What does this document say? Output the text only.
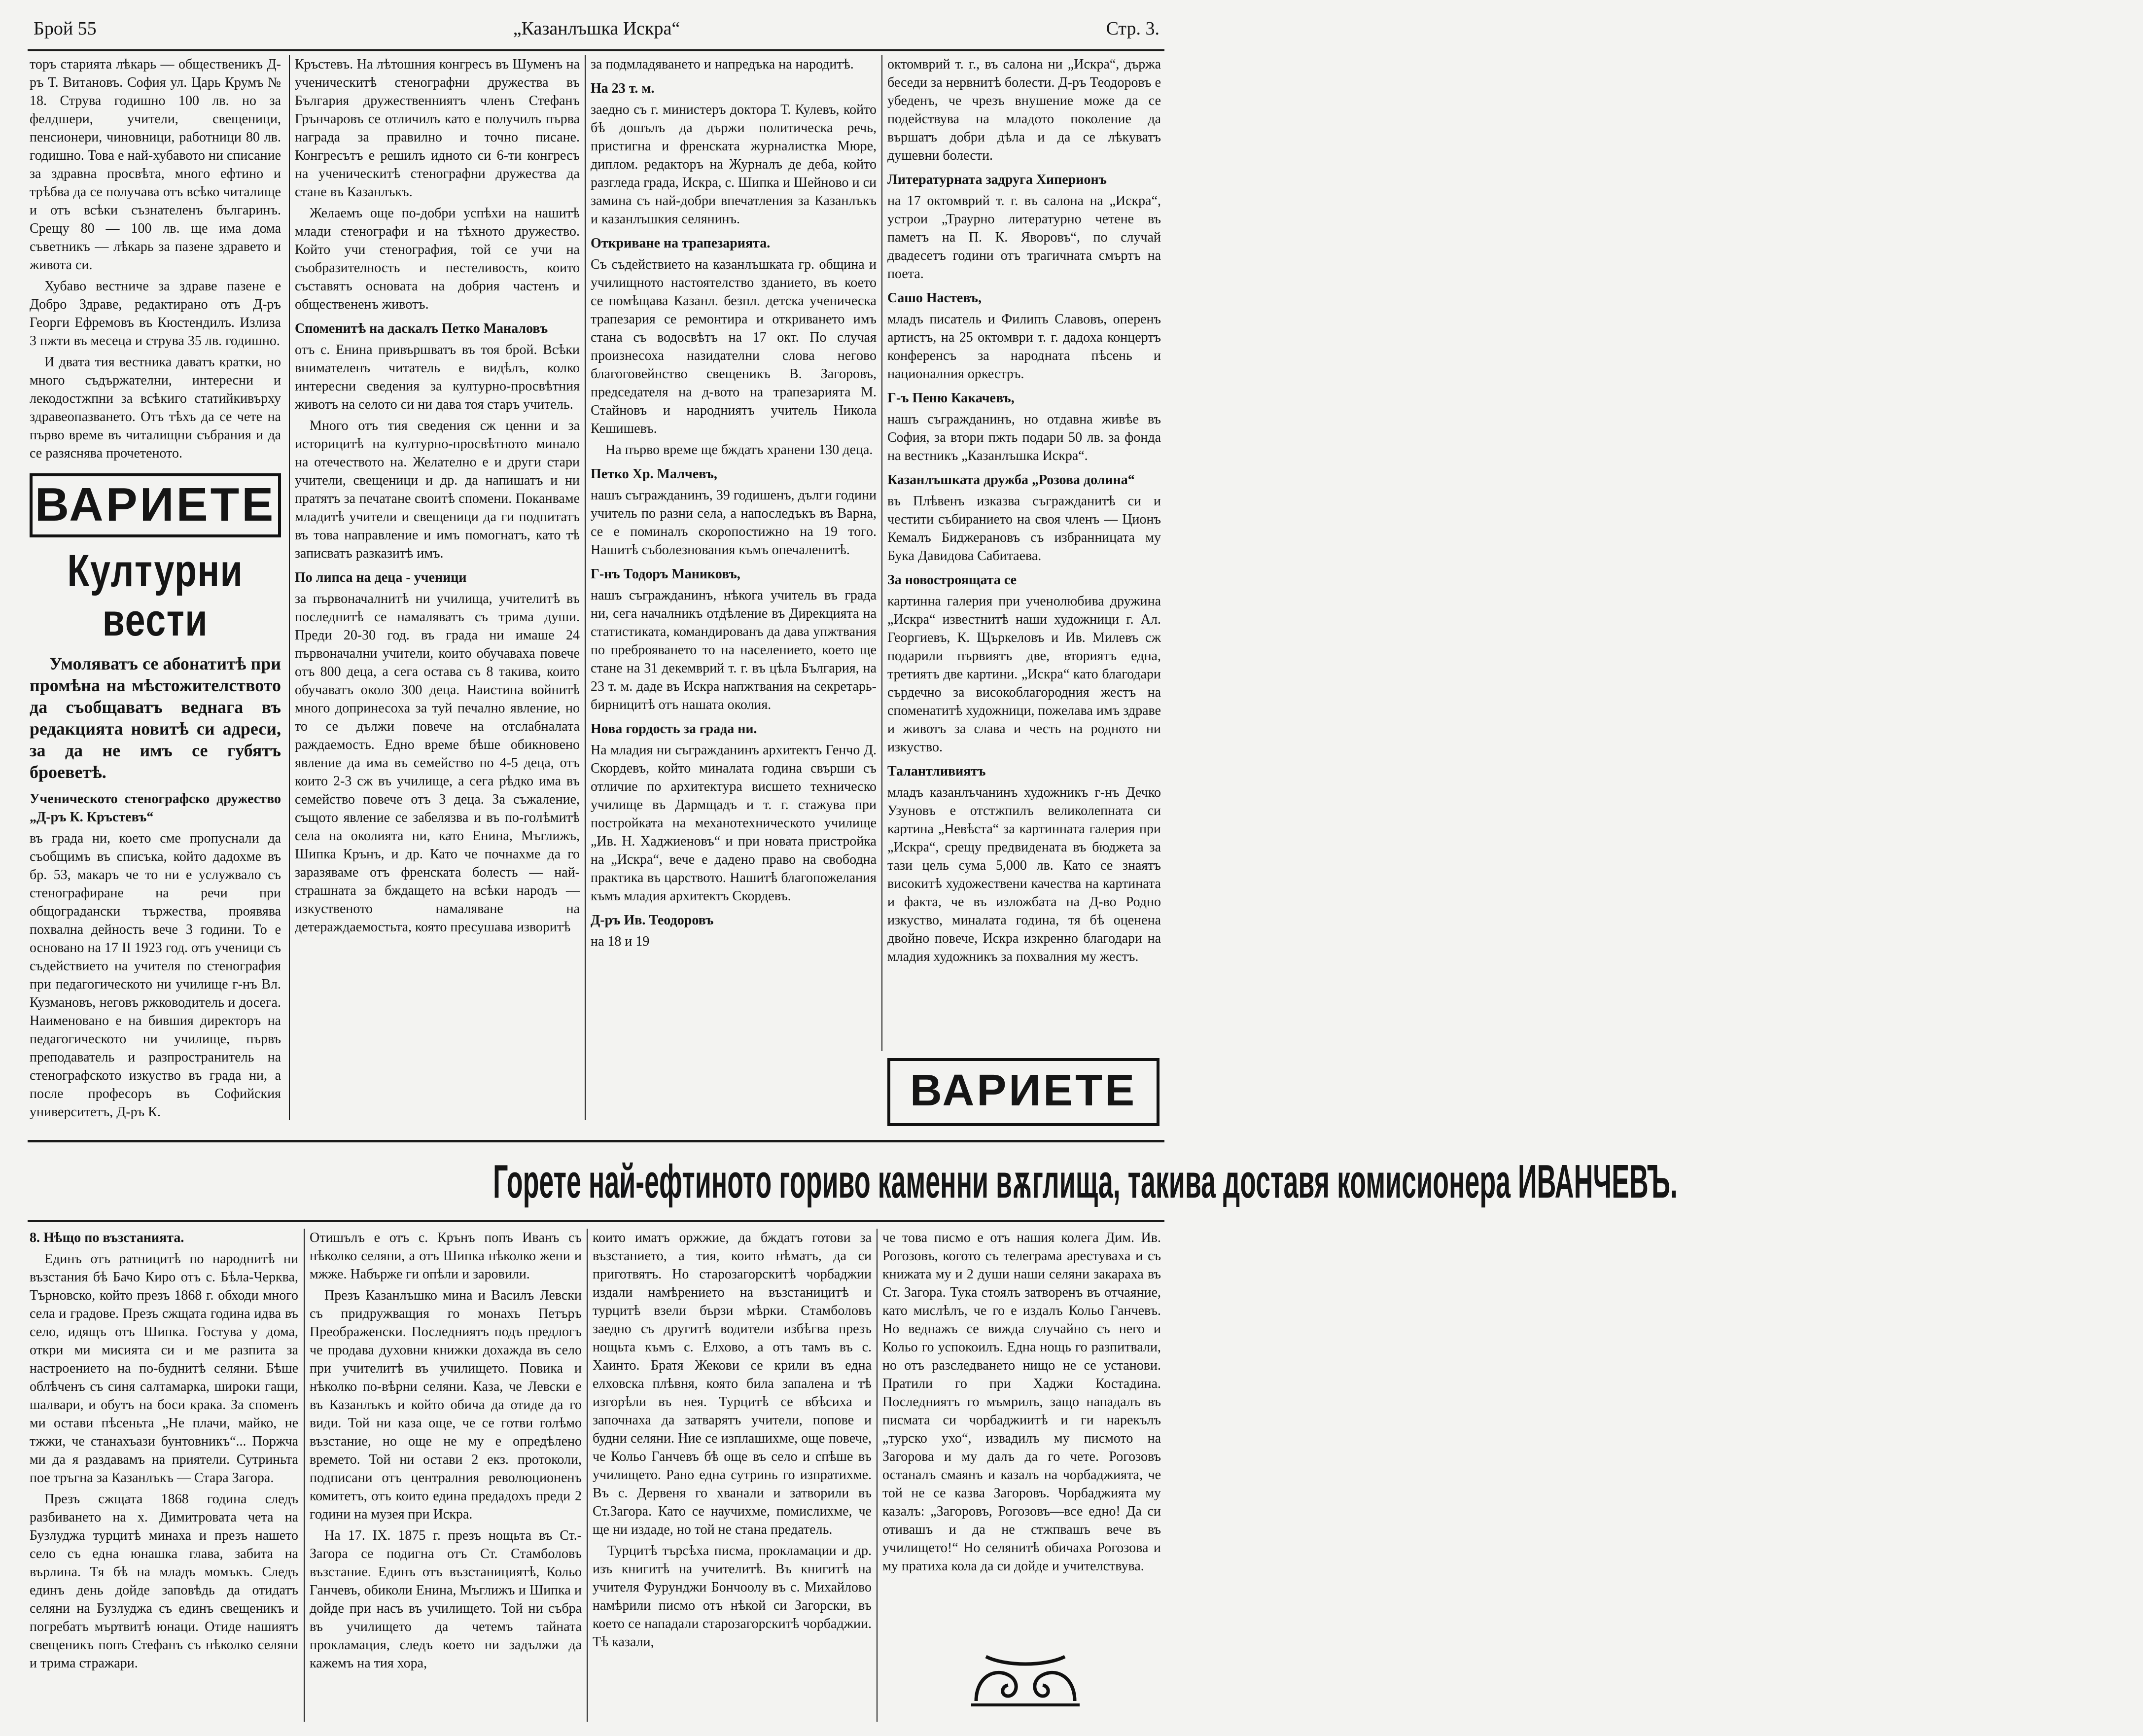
Брой 55	„Казанлъшка Искра“	Стр. 3.

торъ старията лѣкарь — общественикъ Д-ръ Т. Витановъ. София ул. Царь Крумъ № 18. Струва годишно 100 лв. но за фелдшери, учители, свещеници, пенсионери, чиновници, работници 80 лв. годишно. Това е най-хубавото ни списание за здравна просвѣта, много ефтино и трѣбва да се получава отъ всѣко читалище и отъ всѣки съзнателенъ българинъ. Срещу 80 — 100 лв. ще има дома съветникъ — лѣкарь за пазене здравето и живота си.

Хубаво вестниче за здраве пазене е Добро Здраве, редактирано отъ Д-ръ Георги Ефремовъ въ Кюстендилъ. Излиза 3 пжти въ месеца и струва 35 лв. годишно.

И двата тия вестника даватъ кратки, но много съдържателни, интересни и лекодостжпни за всѣкиго статийкивърху здравеопазването. Отъ тѣхъ да се чете на първо време въ читалищни събрания и да се разяснява прочетеното.

ВАРИЕТЕ
Културни вести
Умоляватъ се абонатитѣ при промѣна на мѣстожителството да съобщаватъ веднага въ редакцията новитѣ си адреси, за да не имъ се губятъ броеветѣ.

Ученическото стенографско дружество „Д-ръ К. Кръстевъ“

въ града ни, което сме пропуснали да съобщимъ въ списъка, който дадохме въ бр. 53, макаръ че то ни е услужвало съ стенографиране на речи при общоградански тържества, проявява похвална дейность вече 3 години. То е основано на 17 II 1923 год. отъ ученици съ съдействието на учителя по стенография при педагогическото ни училище г-нъ Вл. Кузмановъ, неговъ ржководитель и досега. Наименовано е на бившия директоръ на педагогическото ни училище, първъ преподаватель и разпространитель на стенографското изкуство въ града ни, а после професоръ въ Софийския университетъ, Д-ръ К.

Кръстевъ. На лѣтошния конгресъ въ Шуменъ на ученическитѣ стенографни дружества въ България дружественниятъ членъ Стефанъ Грънчаровъ се отличилъ като е получилъ първа награда за правилно и точно писане. Конгресътъ е решилъ идното си 6-ти конгресъ на ученическитѣ стенографни дружества да стане въ Казанлъкъ.

Желаемъ още по-добри успѣхи на нашитѣ млади стенографи и на тѣхното дружество. Който учи стенография, той се учи на съобразителность и пестеливость, които съставятъ основата на добрия частенъ и обществененъ животъ.

Споменитѣ на даскалъ Петко Маналовъ

отъ с. Енина привършватъ въ тоя брой. Всѣки внимателенъ читатель е видѣлъ, колко интересни сведения за културно-просвѣтния животъ на селото си ни дава тоя старъ учитель.

Много отъ тия сведения сж ценни и за историцитѣ на културно-просвѣтното минало на отечеството на. Желателно е и други стари учители, свещеници и др. да напишатъ и ни пратятъ за печатане своитѣ спомени. Поканваме младитѣ учители и свещеници да ги подпитатъ въ това направление и имъ помогнатъ, като тѣ записватъ разказитѣ имъ.

По липса на деца - ученици

за първоначалнитѣ ни училища, учителитѣ въ последнитѣ се намаляватъ съ трима души. Преди 20-30 год. въ града ни имаше 24 първоначални учители, които обучаваха повече отъ 800 деца, а сега остава съ 8 такива, които обучаватъ около 300 деца. Наистина войнитѣ много допринесоха за туй печално явление, но то се дължи повече на отслабналата раждаемость. Едно време бѣше обикновено явление да има въ семейство по 4-5 деца, отъ които 2-3 сж въ училище, а сега рѣдко има въ семейство повече отъ 3 деца. За съжаление, същото явление се забелязва и въ по-голѣмитѣ села на околията ни, като Енина, Мъглижъ, Шипка Крънъ, и др. Като че почнахме да го заразяваме отъ френската болесть — най-страшната за бждащето на всѣки народъ — изкуственото намаляване на детераждаемостьта, която пресушава изворитѣ

за подмладяването и напредъка на народитѣ.

На 23 т. м.

заедно съ г. министеръ доктора Т. Кулевъ, който бѣ дошълъ да държи политическа речь, пристигна и френската журналистка Мюре, диплом. редакторъ на Журналъ де деба, който разгледа града, Искра, с. Шипка и Шейново и си замина съ най-добри впечатления за Казанлъкъ и казанлъшкия селянинъ.

Откриване на трапезарията.

Съ съдействието на казанлъшката гр. община и училищното настоятелство зданието, въ което се помѣщава Казанл. безпл. детска ученическа трапезария се ремонтира и откриването имъ стана съ водосвѣтъ на 17 окт. По случая произнесоха назидателни слова негово благоговейнство свещеникъ В. Загоровъ, председателя на д-вото на трапезарията М. Стайновъ и народниятъ учитель Никола Кешишевъ.

На първо време ще бждатъ хранени 130 деца.

Петко Хр. Малчевъ,

нашъ съгражданинъ, 39 годишенъ, дълги години учитель по разни села, а напоследъкъ въ Варна, се е поминалъ скоропостижно на 19 того. Нашитѣ съболезнования къмъ опечаленитѣ.

Г-нъ Тодоръ Маниковъ,

нашъ съгражданинъ, нѣкога учитель въ града ни, сега началникъ отдѣление въ Дирекцията на статистиката, командированъ да дава упжтвания по преброяването то на населението, което ще стане на 31 декемврий т. г. въ цѣла България, на 23 т. м. даде въ Искра напжтвания на секретарь-бирницитѣ отъ нашата околия.

Нова гордость за града ни.

На младия ни съгражданинъ архитектъ Генчо Д. Скордевъ, който миналата година свърши съ отличие по архитектура висшето техническо училище въ Дармщадъ и т. г. стажува при постройката на механотехническото училище „Ив. Н. Хаджиеновъ“ и при новата пристройка на „Искра“, вече е дадено право на свободна практика въ царството. Нашитѣ благопожелания къмъ младия архитектъ Скордевъ.

Д-ръ Ив. Теодоровъ

на 18 и 19

октомврий т. г., въ салона ни „Искра“, държа беседи за нервнитѣ болести. Д-ръ Теодоровъ е убеденъ, че чрезъ внушение може да се подействува на младото поколение да вършатъ добри дѣла и да се лѣкуватъ душевни болести.

Литературната задруга Хиперионъ

на 17 октомврий т. г. въ салона на „Искра“, устрои „Траурно литературно четене въ паметъ на П. К. Яворовъ“, по случай двадесетъ години отъ трагичната смъртъ на поета.

Сашо Настевъ,

младъ писатель и Филипъ Славовъ, оперенъ артистъ, на 25 октомври т. г. дадоха концертъ конференсъ за народната пѣсень и националния оркестръ.

Г-ъ Пеню Какачевъ,

нашъ съгражданинъ, но отдавна живѣе въ София, за втори пжть подари 50 лв. за фонда на вестникъ „Казанлъшка Искра“.

Казанлъшката дружба „Розова долина“

въ Плѣвенъ изказва съгражданитѣ си и честити събиранието на своя членъ — Ционъ Кемалъ Биджерановъ съ избранницата му Бука Давидова Сабитаева.

За новостроящата се

картинна галерия при ученолюбива дружина „Искра“ известнитѣ наши художници г. Ал. Георгиевъ, К. Щъркеловъ и Ив. Милевъ сж подарили първиятъ две, вториятъ една, третиятъ две картини. „Искра“ като благодари сърдечно за високоблагородния жестъ на споменатитѣ художници, пожелава имъ здраве и животъ за слава и честь на родното ни изкуство.

Талантливиятъ

младъ казанлъчанинъ художникъ г-нъ Дечко Узуновъ е отстжпилъ великолепната си картина „Невѣста“ за картинната галерия при „Искра“, срещу предвидената въ бюджета за тази цель сума 5,000 лв. Като се знаятъ високитѣ художествени качества на картината и факта, че въ изложбата на Д-во Родно изкуство, миналата година, тя бѣ оценена двойно повече, Искра изкренно благодари на младия художникъ за похвалния му жестъ.

ВАРИЕТЕ
Горете най-ефтиното гориво каменни вѫглища, такива доставя комисионера ИВАНЧЕВЪ.

8. Нѣщо по възстанията.

Единъ отъ ратницитѣ по народнитѣ ни възстания бѣ Бачо Киро отъ с. Бѣла-Черква, Търновско, който презъ 1868 г. обходи много села и градове. Презъ сжщата година идва въ село, идящъ отъ Шипка. Гостува у дома, откри ми мисията си и ме разпита за настроението на по-буднитѣ селяни. Бѣше облѣченъ съ синя салтамарка, широки гащи, шалвари, и обутъ на боси крака. За споменъ ми остави пѣсеньта „Не плачи, майко, не тжжи, че станахъази бунтовникъ“... Поржча ми да я раздавамъ на приятели. Сутриньта пое тръгна за Казанлъкъ — Стара Загора.

Презъ сжщата 1868 година следъ разбиването на х. Димитровата чета на Бузлуджа турцитѣ минаха и презъ нашето село съ една юнашка глава, забита на върлина. Тя бѣ на младъ момъкъ. Следъ единъ день дойде заповѣдь да отидатъ селяни на Бузлуджа съ единъ свещеникъ и погребатъ мъртвитѣ юнаци. Отиде нашиятъ свещеникъ попъ Стефанъ съ нѣколко селяни и трима стражари.

Отишълъ е отъ с. Крънъ попъ Иванъ съ нѣколко селяни, а отъ Шипка нѣколко жени и мжже. Набърже ги опѣли и заровили.

Презъ Казанлъшко мина и Василъ Левски съ придружващия го монахъ Петъръ Преображенски. Последниятъ подъ предлогъ че продава духовни книжки дохажда въ село при учителитѣ въ училището. Повика и нѣколко по-вѣрни селяни. Каза, че Левски е въ Казанлъкъ и който обича да отиде да го види. Той ни каза още, че се готви голѣмо възстание, но още не му е опредѣлено времето. Той ни остави 2 екз. протоколи, подписани отъ централния революционенъ комитетъ, отъ които едина предадохъ преди 2 години на музея при Искра.

На 17. IX. 1875 г. презъ нощьта въ Ст.-Загора се подигна отъ Ст. Стамболовъ възстание. Единъ отъ възстанициятѣ, Кольо Ганчевъ, обиколи Енина, Мъглижъ и Шипка и дойде при насъ въ училището. Той ни събра въ училището да четемъ тайната прокламация, следъ което ни задължи да кажемъ на тия хора,

които иматъ оржжие, да бждатъ готови за възстанието, а тия, които нѣматъ, да си приготвятъ. Но старозагорскитѣ чорбаджии издали намѣрението на възстаницитѣ и турцитѣ взели бързи мѣрки. Стамболовъ заедно съ другитѣ водители избѣгва презъ нощьта къмъ с. Елхово, а отъ тамъ въ с. Хаинто. Братя Жекови се крили въ една елховска плѣвня, която била запалена и тѣ изгорѣли въ нея. Турцитѣ се вбѣсиха и започнаха да затварятъ учители, попове и будни селяни. Ние се изплашихме, още повече, че Кольо Ганчевъ бѣ още въ село и спѣше въ училището. Рано една сутринь го изпратихме. Въ с. Дервеня го хванали и затворили въ Ст.Загора. Като се научихме, помислихме, че ще ни издаде, но той не стана предатель.

Турцитѣ търсѣха писма, прокламации и др. изъ книгитѣ на учителитѣ. Въ книгитѣ на учителя Фурунджи Бончоолу въ с. Михайлово намѣрили писмо отъ нѣкой си Загорски, въ което се нападали старозагорскитѣ чорбаджии. Тѣ казали,

че това писмо е отъ нашия колега Дим. Ив. Рогозовъ, когото съ телеграма арестуваха и съ книжата му и 2 души наши селяни закараха въ Ст. Загора. Тука стоялъ затворенъ въ отчаяние, като мислѣлъ, че го е издалъ Кольо Ганчевъ. Но веднажъ се вижда случайно съ него и Кольо го успокоилъ. Една нощь го разпитвали, но отъ разследването нищо не се установи. Пратили го при Хаджи Костадина. Последниятъ го мъмрилъ, защо нападалъ въ писмата си чорбаджиитѣ и ги нарекълъ „турско ухо“, извадилъ му писмото на Загорова и му далъ да го чете. Рогозовъ останалъ смаянъ и казалъ на чорбаджията, че той не се казва Загоровъ. Чорбаджията му казалъ: „Загоровъ, Рогозовъ—все едно! Да си отивашъ и да не стжпвашъ вече въ училището!“ Но селянитѣ обичаха Рогозова и му пратиха кола да си дойде и учителствува.
